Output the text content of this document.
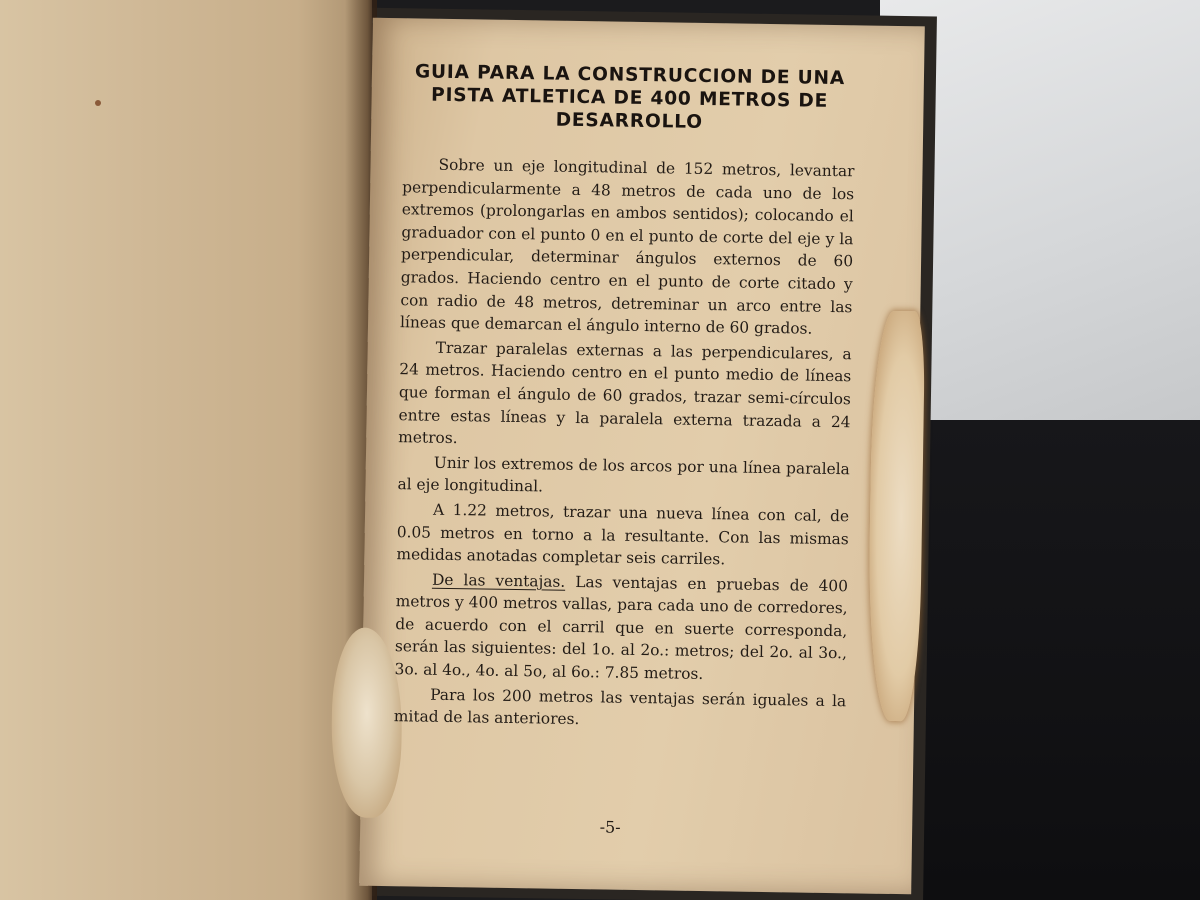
GUIA PARA LA CONSTRUCCION DE UNA
PISTA ATLETICA DE 400 METROS DE
DESARROLLO

Sobre un eje longitudinal de 152 metros, levantar perpendicularmente a 48 metros de cada uno de los extremos (prolongarlas en ambos sentidos); colocando el graduador con el punto 0 en el punto de corte del eje y la perpendicular, determinar ángulos externos de 60 grados. Haciendo centro en el punto de corte citado y con radio de 48 metros, detreminar un arco entre las líneas que demarcan el ángulo interno de 60 grados.

Trazar paralelas externas a las perpendiculares, a 24 metros. Haciendo centro en el punto medio de líneas que forman el ángulo de 60 grados, trazar semi-círculos entre estas líneas y la paralela externa trazada a 24 metros.

Unir los extremos de los arcos por una línea paralela al eje longitudinal.

A 1.22 metros, trazar una nueva línea con cal, de 0.05 metros en torno a la resultante. Con las mismas medidas anotadas completar seis carriles.

De las ventajas. Las ventajas en pruebas de 400 metros y 400 metros vallas, para cada uno de corredores, de acuerdo con el carril que en suerte corresponda, serán las siguientes: del 1o. al 2o.: metros; del 2o. al 3o., 3o. al 4o., 4o. al 5o, al 6o.: 7.85 metros.

Para los 200 metros las ventajas serán iguales a la mitad de las anteriores.

-5-
